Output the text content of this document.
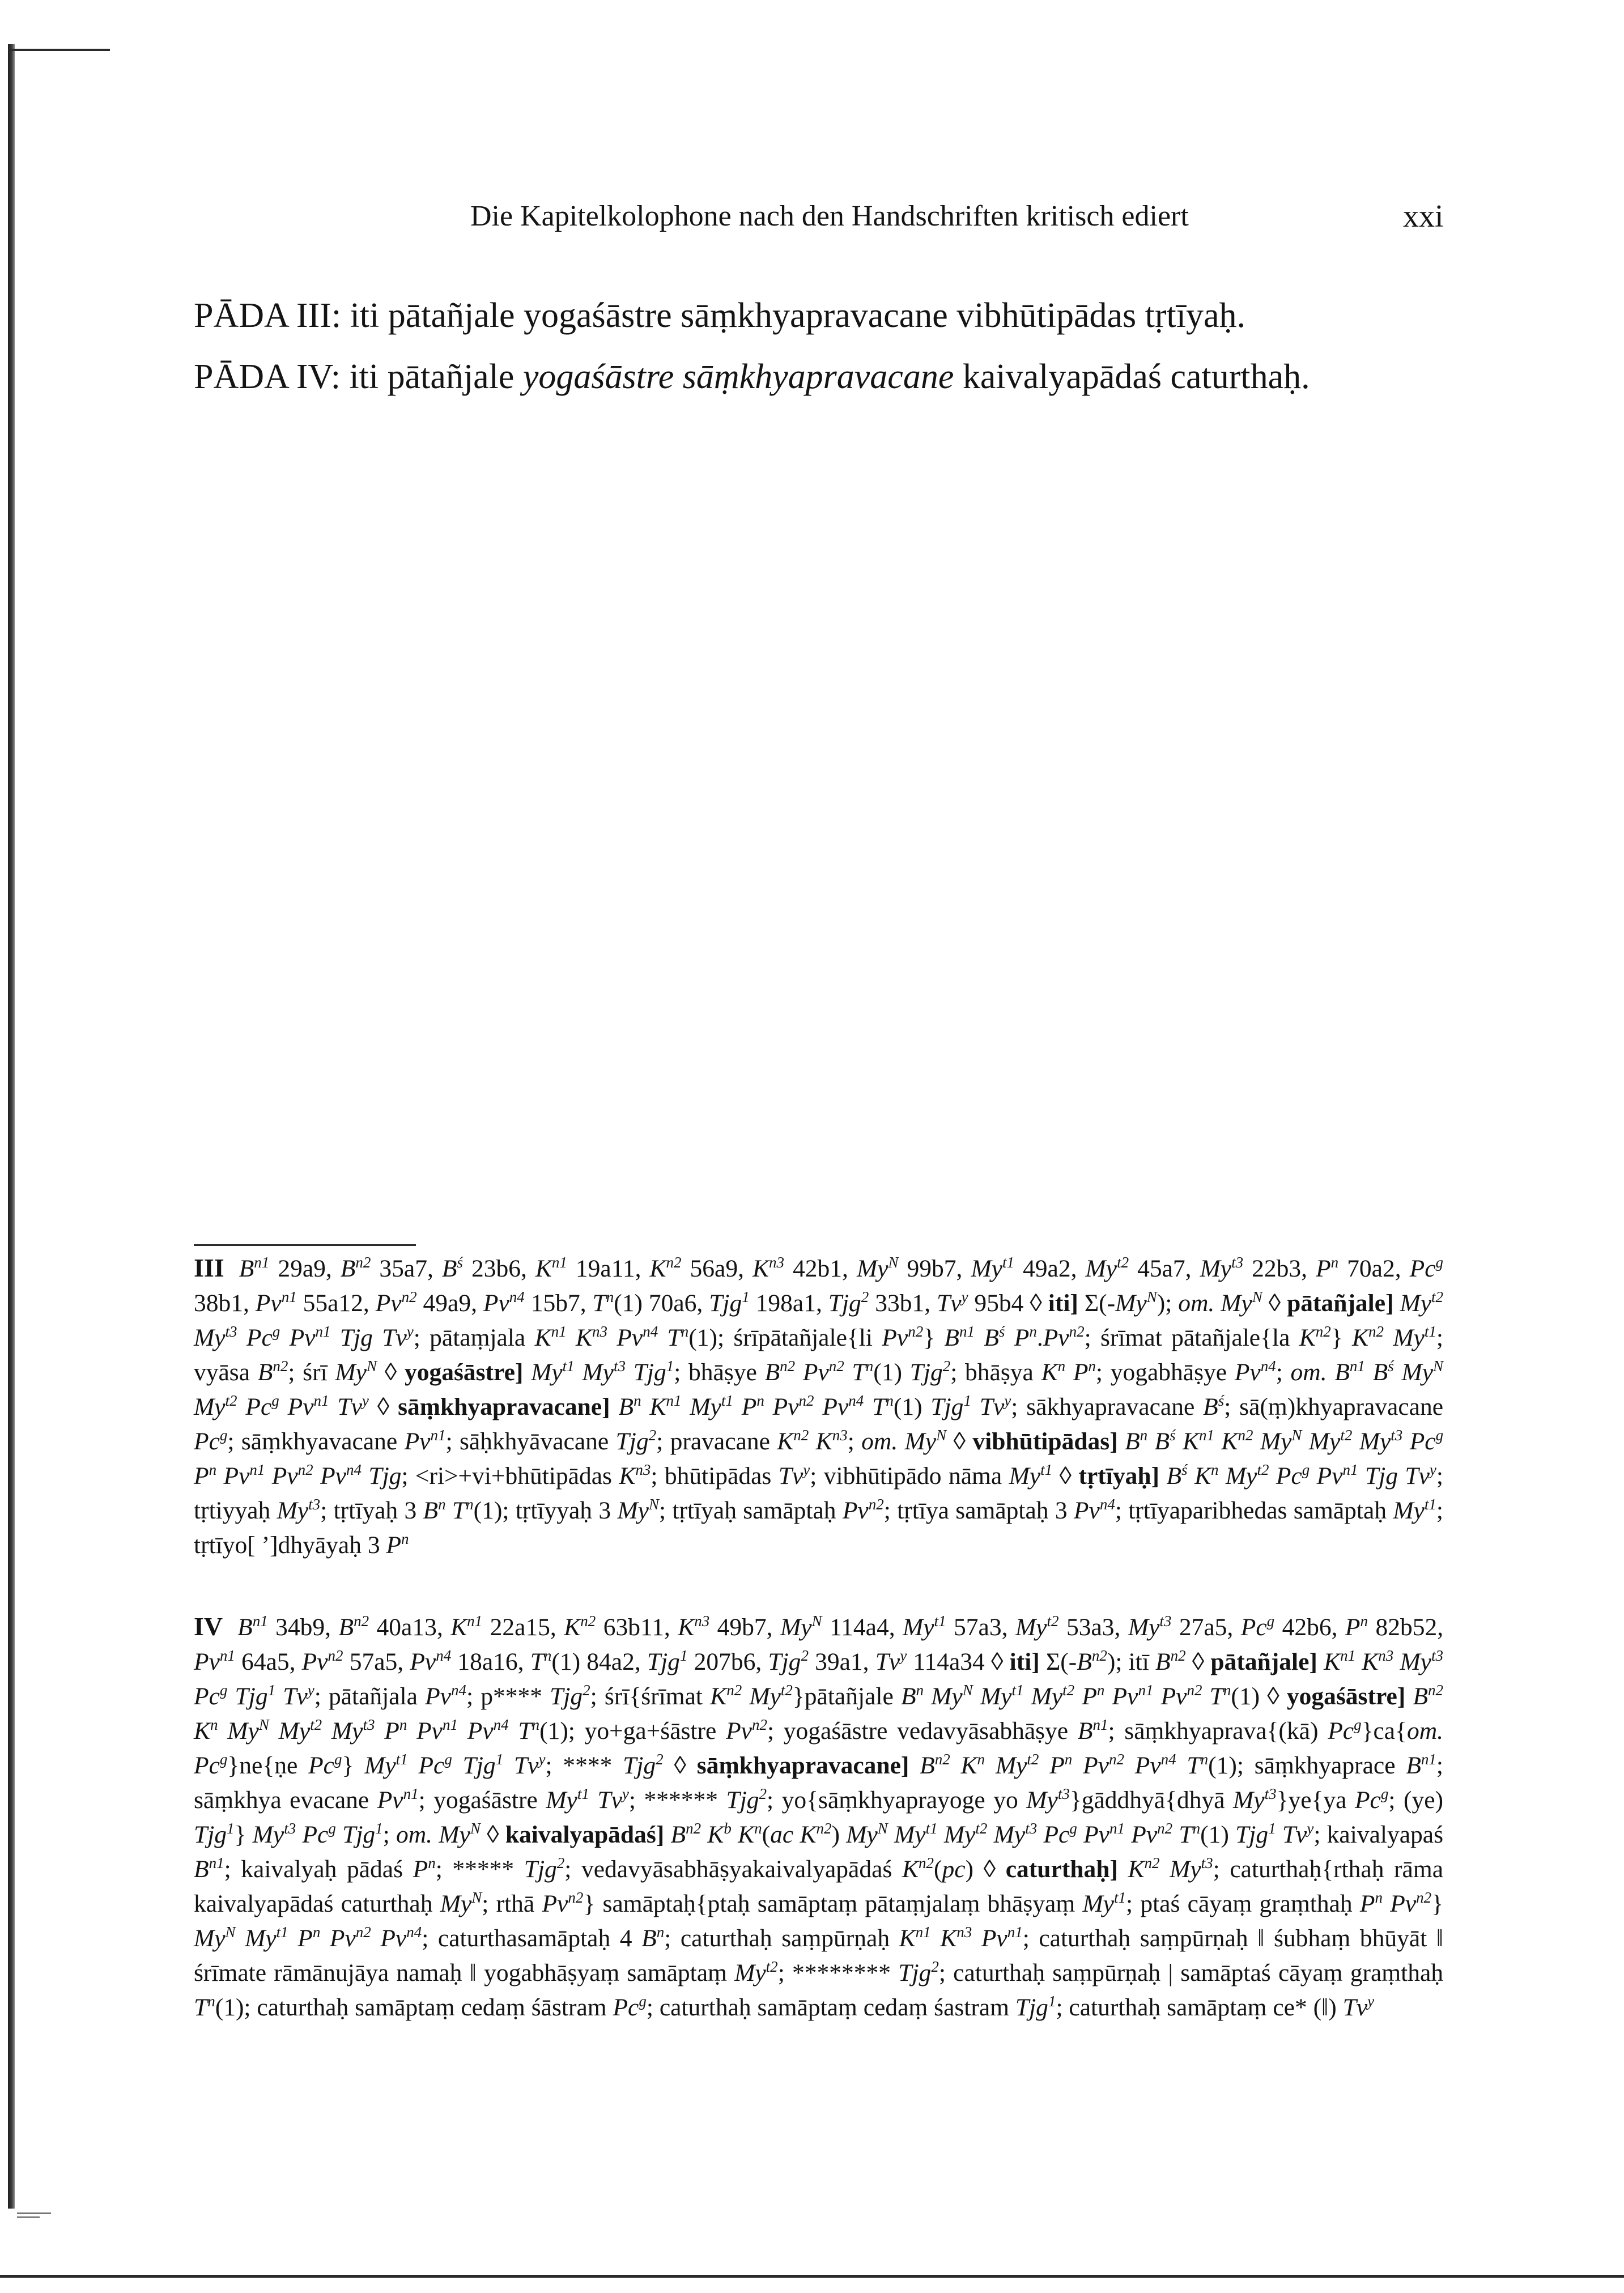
Die Kapitelkolophone nach den Handschriften kritisch ediert	xxi
PĀDA III: iti pātañjale yogaśāstre sāṃkhyapravacane vibhūtipādas tṛtīyaḥ.
PĀDA IV: iti pātañjale yogaśāstre sāṃkhyapravacane kaivalyapādaś caturthaḥ.
III $B^{n1}$ 29a9, $B^{n2}$ 35a7, $B^ś$ 23b6, $K^{n1}$ 19a11, $K^{n2}$ 56a9, $K^{n3}$ 42b1, $My^N$ 99b7, $My^{t1}$ 49a2, $My^{t2}$ 45a7, $My^{t3}$ 22b3, $P^n$ 70a2, Pc$^g$ 38b1, $Pv^{n1}$ 55a12, $Pv^{n2}$ 49a9, $Pv^{n4}$ 15b7, $T^n(1)$ 70a6, Tjg$^1$ 198a1, Tjg$^2$ 33b1, Tv$^y$ 95b4 ◊ iti] $\Sigma(-My^N)$; om. $My^N$ ◊ pātañjale] $My^{t2}$ $My^{t3}$ Pc$^g$ $Pv^{n1}$ Tjg Tv$^y$; pātaṃjala $K^{n1}$ $K^{n3}$ $Pv^{n4}$ $T^n(1)$; śrīpātañjale{li $Pv^{n2}$} $B^{n1}$ $B^ś$ $P^n.Pv^{n2}$; śrīmat pātañjale{la $K^{n2}$} $K^{n2}$ $My^{t1}$; vyāsa $B^{n2}$; śrī $My^N$ ◊ yogaśāstre] $My^{t1}$ $My^{t3}$ Tjg$^1$; bhāṣye $B^{n2}$ $Pv^{n2}$ $T^n(1)$ Tjg$^2$; bhāṣya $K^n$ $P^n$; yogabhāṣye $Pv^{n4}$; om. $B^{n1}$ $B^ś$ $My^N$ $My^{t2}$ Pc$^g$ $Pv^{n1}$ Tv$^y$ ◊ sāṃkhyapravacane] $B^n$ $K^{n1}$ $My^{t1}$ $P^n$ $Pv^{n2}$ $Pv^{n4}$ $T^n(1)$ Tjg$^1$ Tv$^y$; sākhyapravacane $B^ś$; sā(ṃ)khyapravacane Pc$^g$; sāṃkhyavacane $Pv^{n1}$; sāḥkhyāvacane Tjg$^2$; pravacane $K^{n2}$ $K^{n3}$; om. $My^N$ ◊ vibhūtipādas] $B^n$ $B^ś$ $K^{n1}$ $K^{n2}$ $My^N$ $My^{t2}$ $My^{t3}$ Pc$^g$ $P^n$ $Pv^{n1}$ $Pv^{n2}$ $Pv^{n4}$ Tjg; <ri>+vi+bhūtipādas $K^{n3}$; bhūtipādas Tv$^y$; vibhūtipādo nāma $My^{t1}$ ◊ tṛtīyaḥ] $B^ś$ $K^n$ $My^{t2}$ Pc$^g$ $Pv^{n1}$ Tjg Tv$^y$; tṛtiyyaḥ $My^{t3}$; tṛtīyaḥ 3 $B^n$ $T^n(1)$; tṛtīyyaḥ 3 $My^N$; tṛtīyaḥ samāptaḥ $Pv^{n2}$; tṛtīya samāptaḥ 3 $Pv^{n4}$; tṛtīyaparibhedas samāptaḥ $My^{t1}$; tṛtīyo[ ’]dhyāyaḥ 3 $P^n$
IV $B^{n1}$ 34b9, $B^{n2}$ 40a13, $K^{n1}$ 22a15, $K^{n2}$ 63b11, $K^{n3}$ 49b7, $My^N$ 114a4, $My^{t1}$ 57a3, $My^{t2}$ 53a3, $My^{t3}$ 27a5, Pc$^g$ 42b6, $P^n$ 82b52, $Pv^{n1}$ 64a5, $Pv^{n2}$ 57a5, $Pv^{n4}$ 18a16, $T^n(1)$ 84a2, Tjg$^1$ 207b6, Tjg$^2$ 39a1, Tv$^y$ 114a34 ◊ iti] $\Sigma(-B^{n2})$; itī $B^{n2}$ ◊ pātañjale] $K^{n1}$ $K^{n3}$ $My^{t3}$ Pc$^g$ Tjg$^1$ Tv$^y$; pātañjala $Pv^{n4}$; p**** Tjg$^2$; śrī{śrīmat $K^{n2}$ $My^{t2}\}pātañjale$ $B^n$ $My^N$ $My^{t1}$ $My^{t2}$ $P^n$ $Pv^{n1}$ $Pv^{n2}$ $T^n(1)$ ◊ yogaśāstre] $B^{n2}$ $K^n$ $My^N$ $My^{t2}$ $My^{t3}$ $P^n$ $Pv^{n1}$ $Pv^{n4}$ $T^n(1)$; yo+ga+śāstre $Pv^{n2}$; yogaśāstre vedavyāsabhāṣye $B^{n1}$; sāṃkhyaprava{(kā) Pc$^g$}ca{om. Pc$^g$}ne{ṇe Pc$^g$} $My^{t1}$ Pc$^g$ Tjg$^1$ Tv$^y$; **** Tjg$^2$ ◊ sāṃkhyapravacane] $B^{n2}$ $K^n$ $My^{t2}$ $P^n$ $Pv^{n2}$ $Pv^{n4}$ $T^n(1)$; sāṃkhyaprace $B^{n1}$; sāṃkhya evacane $Pv^{n1}$; yogaśāstre $My^{t1}$ Tv$^y$; ****** Tjg$^2$; yo{sāṃkhyaprayoge yo $My^{t3}\}gāddhyā\{dhyā$ $My^{t3}\}ye\{ya$ Pc$^g$; (ye) Tjg$^1$} $My^{t3}$ Pc$^g$ Tjg$^1$; om. $My^N$ ◊ kaivalyapādaś] $B^{n2}$ $K^b$ $K^n(ac$ $K^{n2}$) $My^N$ $My^{t1}$ $My^{t2}$ $My^{t3}$ Pc$^g$ $Pv^{n1}$ $Pv^{n2}$ $T^n(1)$ Tjg$^1$ Tv$^y$; kaivalyapaś $B^{n1}$; kaivalyaḥ pādaś $P^n$; ***** Tjg$^2$; vedavyāsabhāṣyakaivalyapādaś $K^{n2}(pc)$ ◊ caturthaḥ] $K^{n2}$ $My^{t3}$; caturthaḥ{rthaḥ rāma kaivalyapādaś caturthaḥ $My^N$; rthā $Pv^{n2}$} samāptaḥ{ptaḥ samāptaṃ pātaṃjalaṃ bhāṣyaṃ $My^{t1}$; ptaś cāyaṃ graṃthaḥ $P^n$ $Pv^{n2}$} $My^N$ $My^{t1}$ $P^n$ $Pv^{n2}$ $Pv^{n4}$; caturthasamāptaḥ 4 $B^n$; caturthaḥ saṃpūrṇaḥ $K^{n1}$ $K^{n3}$ $Pv^{n1}$; caturthaḥ saṃpūrṇaḥ ‖ śubhaṃ bhūyāt ‖ śrīmate rāmānujāya namaḥ ‖ yogabhāṣyaṃ samāptaṃ $My^{t2}$; ******** Tjg$^2$; caturthaḥ saṃpūrṇaḥ | samāptaś cāyaṃ graṃthaḥ $T^n(1)$; caturthaḥ samāptaṃ cedaṃ śāstram Pc$^g$; caturthaḥ samāptaṃ cedaṃ śastram Tjg$^1$; caturthaḥ samāptaṃ ce* (‖) Tv$^y$
